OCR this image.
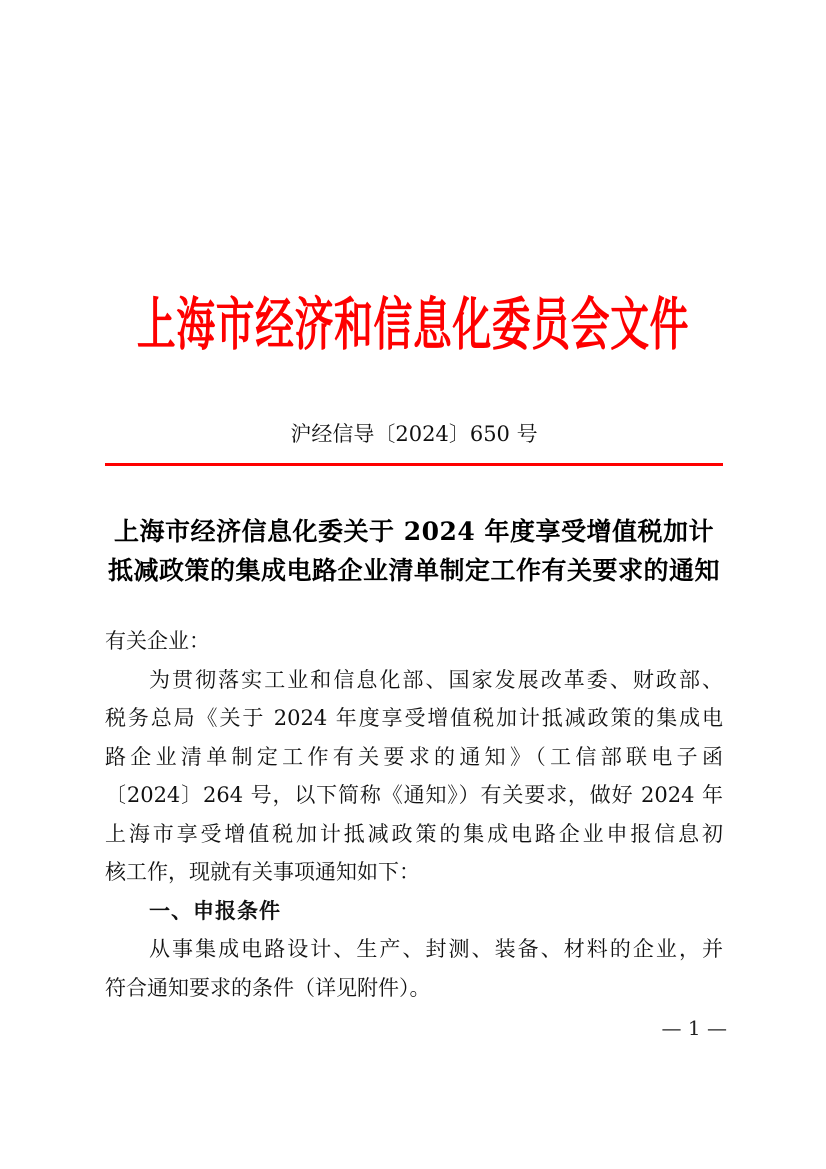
上海市经济和信息化委员会文件
沪经信导〔2024〕650 号
上海市经济信息化委关于 2024 年度享受增值税加计
抵减政策的集成电路企业清单制定工作有关要求的通知
有关企业：
为贯彻落实工业和信息化部、国家发展改革委、财政部、
税务总局《关于 2024 年度享受增值税加计抵减政策的集成电
路企业清单制定工作有关要求的通知》（工信部联电子函
〔2024〕264 号，以下简称《通知》）有关要求，做好 2024 年
上海市享受增值税加计抵减政策的集成电路企业申报信息初
核工作，现就有关事项通知如下：
一、申报条件
从事集成电路设计、生产、封测、装备、材料的企业，并
符合通知要求的条件（详见附件）。
— 1 —
